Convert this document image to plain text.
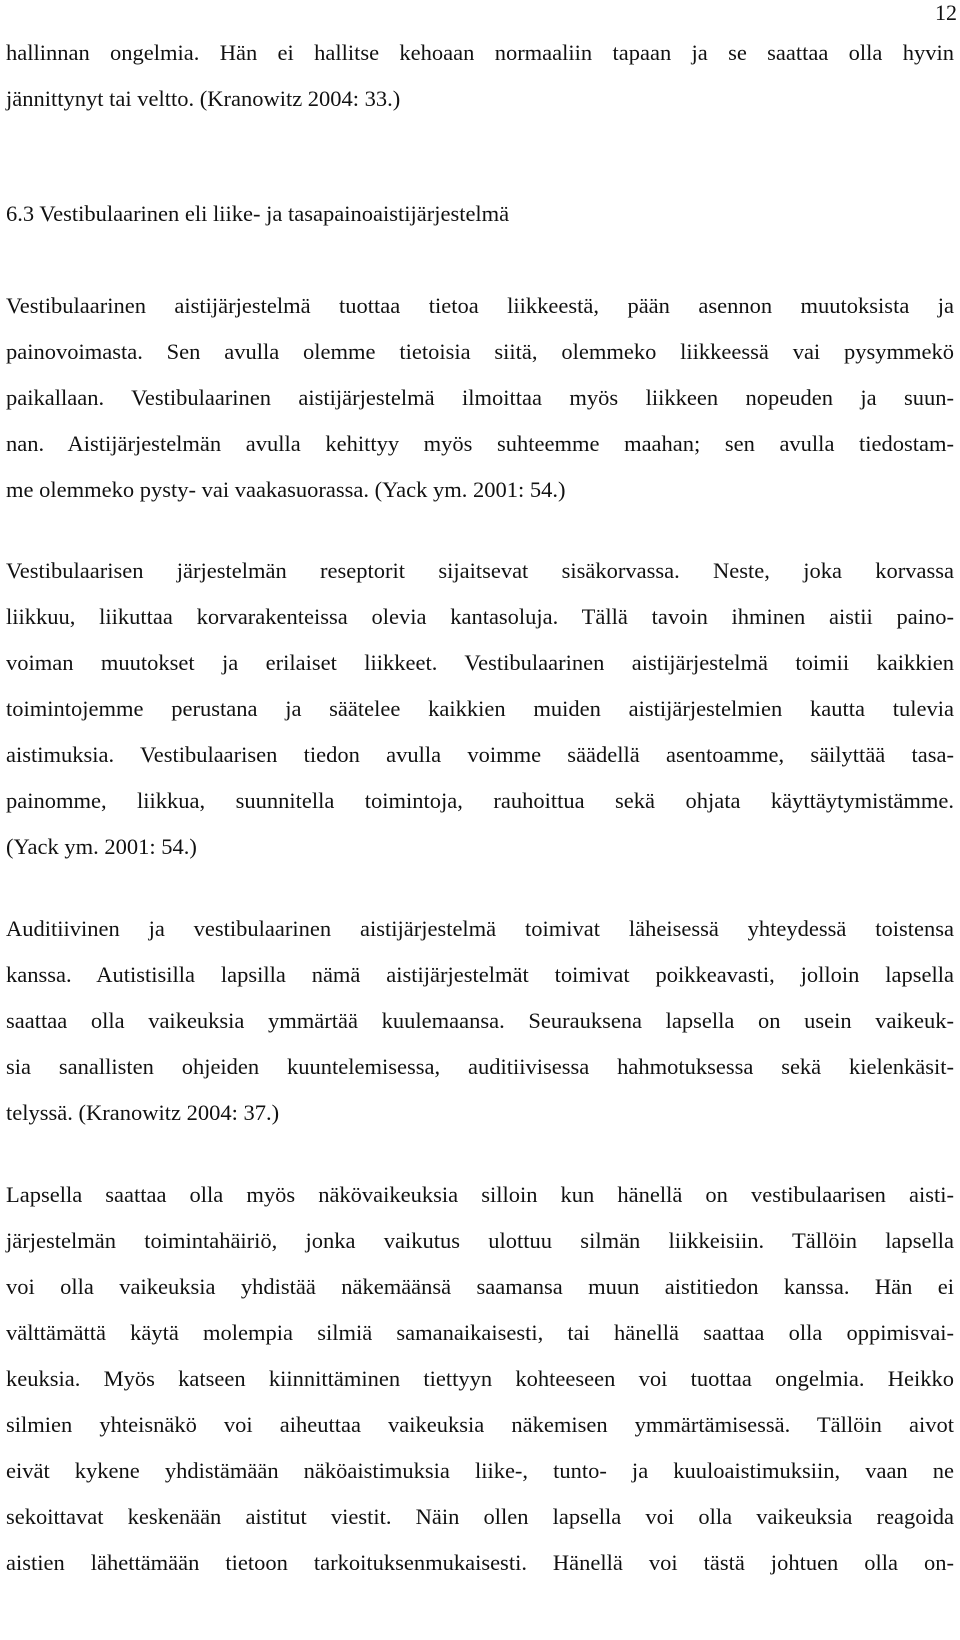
12
hallinnan ongelmia. Hän ei hallitse kehoaan normaaliin tapaan ja se saattaa olla hyvin
jännittynyt tai veltto. (Kranowitz 2004: 33.)
6.3 Vestibulaarinen eli liike- ja tasapainoaistijärjestelmä
Vestibulaarinen aistijärjestelmä tuottaa tietoa liikkeestä, pään asennon muutoksista ja
painovoimasta. Sen avulla olemme tietoisia siitä, olemmeko liikkeessä vai pysymmekö
paikallaan. Vestibulaarinen aistijärjestelmä ilmoittaa myös liikkeen nopeuden ja suun-
nan. Aistijärjestelmän avulla kehittyy myös suhteemme maahan; sen avulla tiedostam-
me olemmeko pysty- vai vaakasuorassa. (Yack ym. 2001: 54.)
Vestibulaarisen järjestelmän reseptorit sijaitsevat sisäkorvassa. Neste, joka korvassa
liikkuu, liikuttaa korvarakenteissa olevia kantasoluja. Tällä tavoin ihminen aistii paino-
voiman muutokset ja erilaiset liikkeet. Vestibulaarinen aistijärjestelmä toimii kaikkien
toimintojemme perustana ja säätelee kaikkien muiden aistijärjestelmien kautta tulevia
aistimuksia. Vestibulaarisen tiedon avulla voimme säädellä asentoamme, säilyttää tasa-
painomme, liikkua, suunnitella toimintoja, rauhoittua sekä ohjata käyttäytymistämme.
(Yack ym. 2001: 54.)
Auditiivinen ja vestibulaarinen aistijärjestelmä toimivat läheisessä yhteydessä toistensa
kanssa. Autistisilla lapsilla nämä aistijärjestelmät toimivat poikkeavasti, jolloin lapsella
saattaa olla vaikeuksia ymmärtää kuulemaansa. Seurauksena lapsella on usein vaikeuk-
sia sanallisten ohjeiden kuuntelemisessa, auditiivisessa hahmotuksessa sekä kielenkäsit-
telyssä. (Kranowitz 2004: 37.)
Lapsella saattaa olla myös näkövaikeuksia silloin kun hänellä on vestibulaarisen aisti-
järjestelmän toimintahäiriö, jonka vaikutus ulottuu silmän liikkeisiin. Tällöin lapsella
voi olla vaikeuksia yhdistää näkemäänsä saamansa muun aistitiedon kanssa. Hän ei
välttämättä käytä molempia silmiä samanaikaisesti, tai hänellä saattaa olla oppimisvai-
keuksia. Myös katseen kiinnittäminen tiettyyn kohteeseen voi tuottaa ongelmia. Heikko
silmien yhteisnäkö voi aiheuttaa vaikeuksia näkemisen ymmärtämisessä. Tällöin aivot
eivät kykene yhdistämään näköaistimuksia liike-, tunto- ja kuuloaistimuksiin, vaan ne
sekoittavat keskenään aistitut viestit. Näin ollen lapsella voi olla vaikeuksia reagoida
aistien lähettämään tietoon tarkoituksenmukaisesti. Hänellä voi tästä johtuen olla on-
